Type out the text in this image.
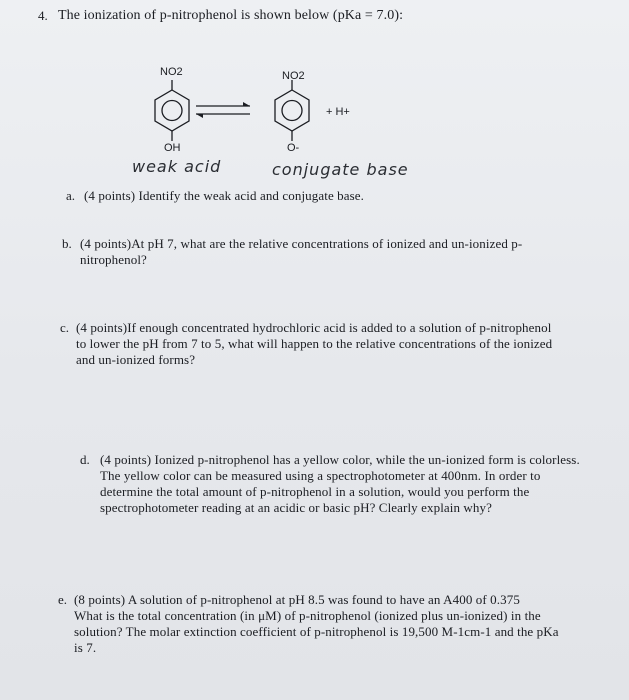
4. The ionization of p-nitrophenol is shown below (pKa = 7.0):
NO2
OH
NO2
O-
+ H+
weak acid	conjugate base
a. (4 points) Identify the weak acid and conjugate base.
b. (4 points)At pH 7, what are the relative concentrations of ionized and un-ionized p-
nitrophenol?
c. (4 points)If enough concentrated hydrochloric acid is added to a solution of p-nitrophenol
to lower the pH from 7 to 5, what will happen to the relative concentrations of the ionized
and un-ionized forms?
d. (4 points) Ionized p-nitrophenol has a yellow color, while the un-ionized form is colorless.
The yellow color can be measured using a spectrophotometer at 400nm. In order to
determine the total amount of p-nitrophenol in a solution, would you perform the
spectrophotometer reading at an acidic or basic pH? Clearly explain why?
e. (8 points) A solution of p-nitrophenol at pH 8.5 was found to have an A400 of 0.375
What is the total concentration (in μM) of p-nitrophenol (ionized plus un-ionized) in the
solution? The molar extinction coefficient of p-nitrophenol is 19,500 M-1cm-1 and the pKa
is 7.
